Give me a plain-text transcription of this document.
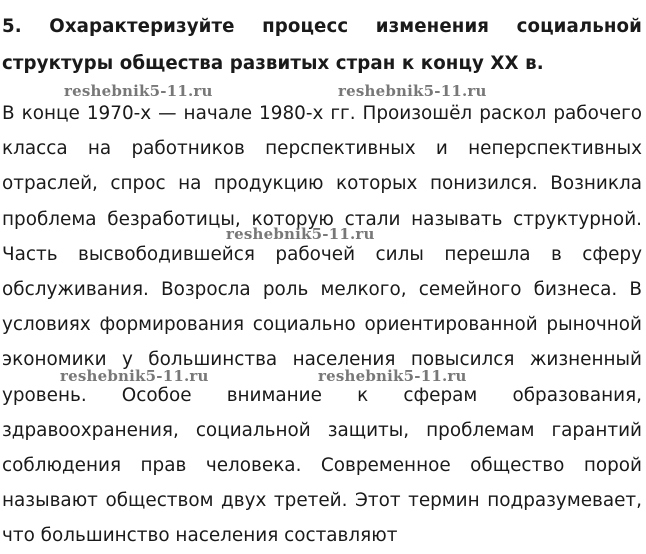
5. Охарактеризуйте процесс изменения социальной структуры общества развитых стран к концу XX в.
В конце 1970-х — начале 1980-х гг. Произошёл раскол рабочего класса на работников перспективных и неперспективных отраслей, спрос на продукцию которых понизился. Возникла проблема безработицы, которую стали называть структурной. Часть высвободившейся рабочей силы перешла в сферу обслуживания. Возросла роль мелкого, семейного бизнеса. В условиях формирования социально ориентированной рыночной экономики у большинства населения повысился жизненный уровень. Особое внимание к сферам образования, здравоохранения, социальной защиты, проблемам гарантий соблюдения прав человека. Современное общество порой называют обществом двух третей. Этот термин подразумевает, что большинство населения составляют
reshebnik5-11.ru	reshebnik5-11.ru
reshebnik5-11.ru
reshebnik5-11.ru	reshebnik5-11.ru
